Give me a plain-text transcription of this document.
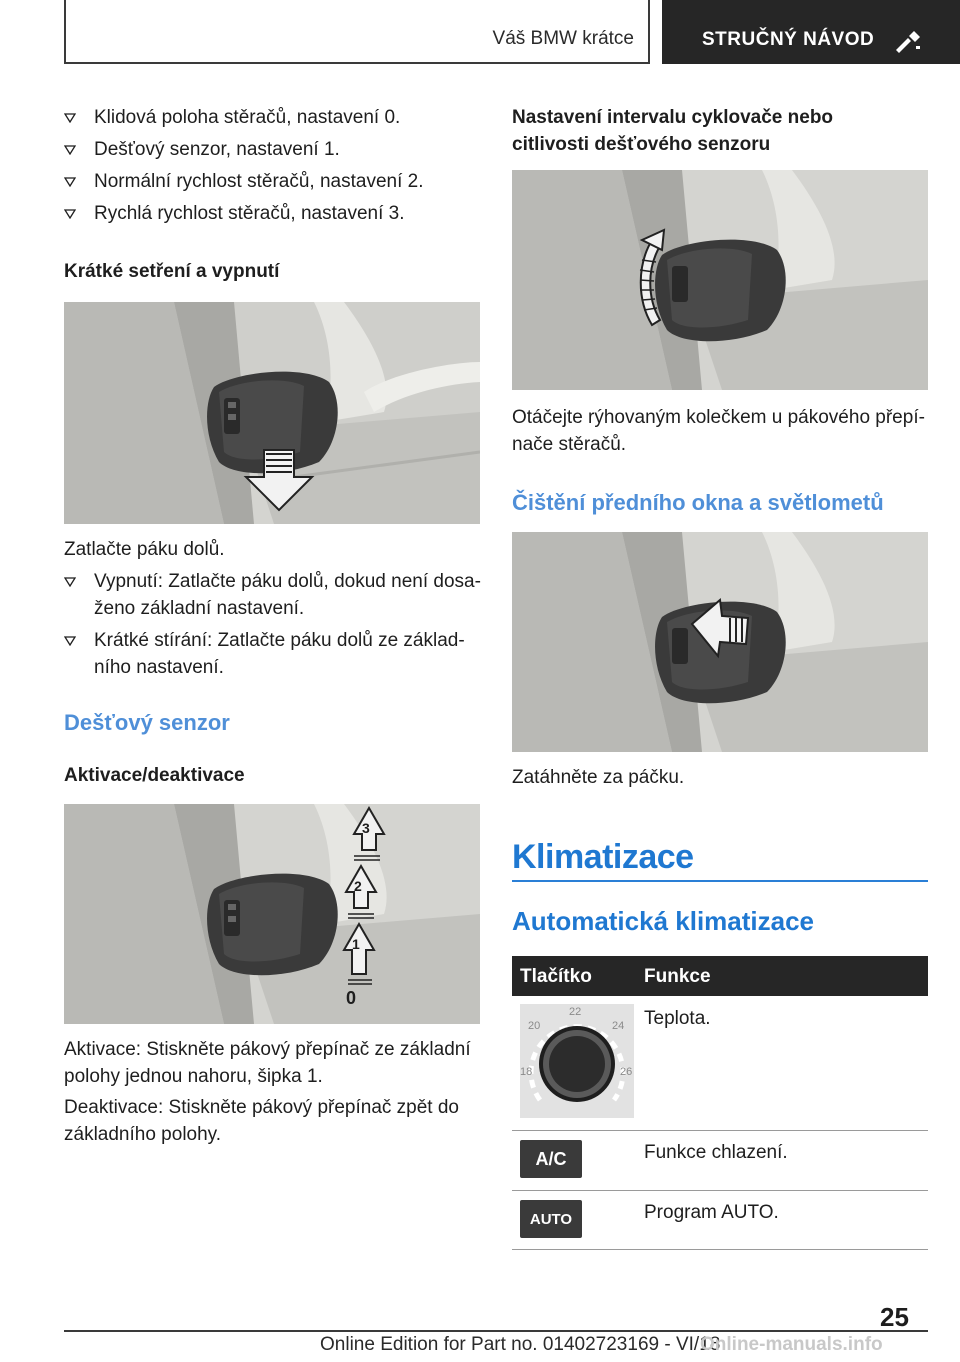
Váš BMW krátce	STRUČNÝ NÁVOD
Klidová poloha stěračů, nastavení 0.
Dešťový senzor, nastavení 1.
Normální rychlost stěračů, nastavení 2.
Rychlá rychlost stěračů, nastavení 3.
Krátké setření a vypnutí
Zatlačte páku dolů.
Vypnutí: Zatlačte páku dolů, dokud není dosa-
ženo základní nastavení.
Krátké stírání: Zatlačte páku dolů ze základ-
ního nastavení.
Dešťový senzor
Aktivace/deaktivace
3
2
1
0
Aktivace: Stiskněte pákový přepínač ze základní
polohy jednou nahoru, šipka 1.
Deaktivace: Stiskněte pákový přepínač zpět do
základního polohy.
Nastavení intervalu cyklovače nebo
citlivosti dešťového senzoru
Otáčejte rýhovaným kolečkem u pákového přepí-
nače stěračů.
Čištění předního okna a světlometů
Zatáhněte za páčku.
Klimatizace
Automatická klimatizace
Tlačítko	Funkce
22
20	24
18	26
Teplota.
A/C	Funkce chlazení.
AUTO	Program AUTO.
25
Online Edition for Part no. 01402723169 - VI/18
Online-manuals.info
